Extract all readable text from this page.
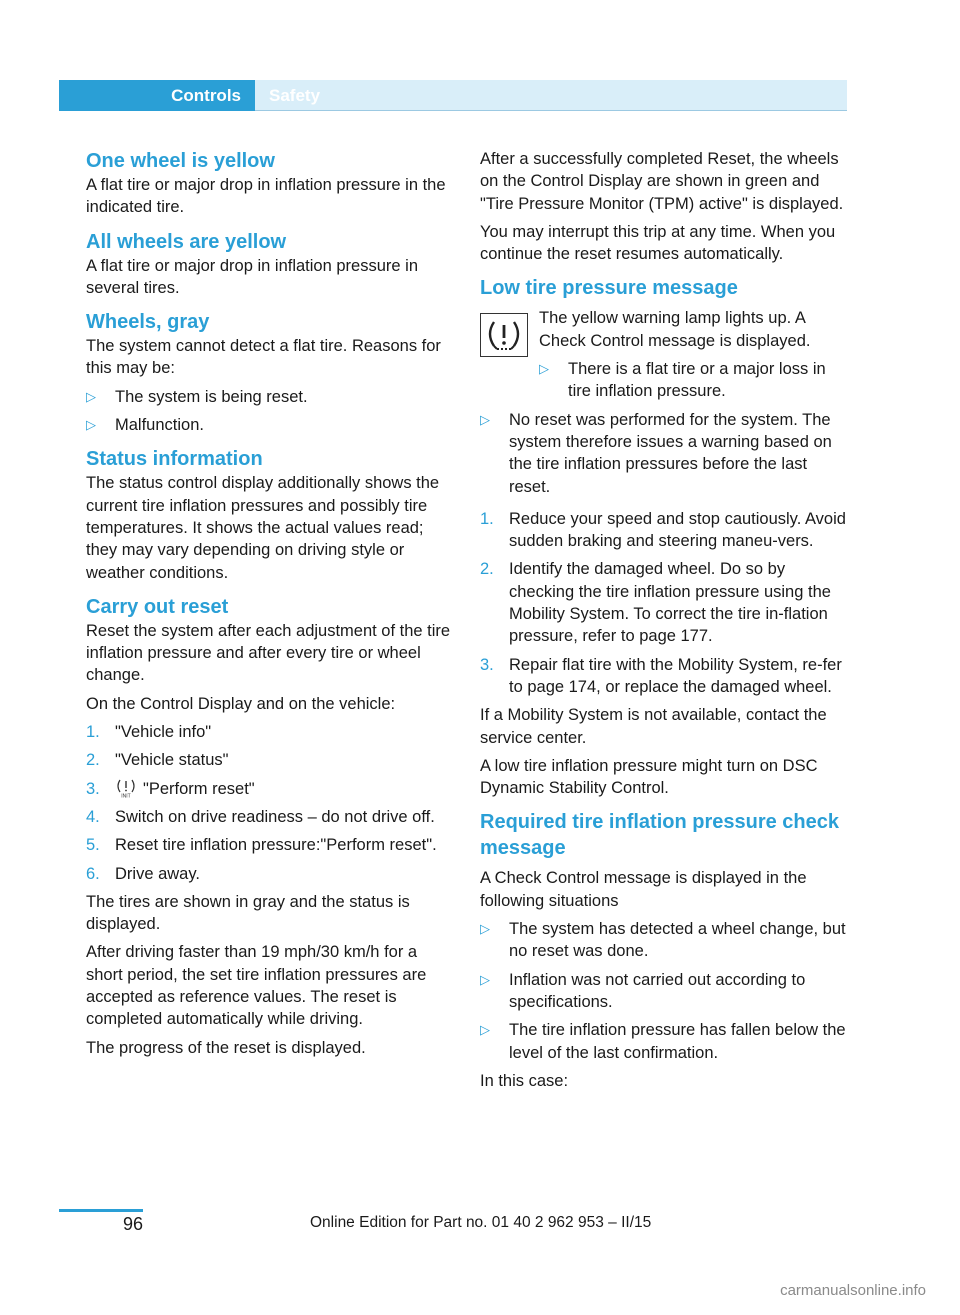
Controls Safety
One wheel is yellow

A flat tire or major drop in inflation pressure in the indicated tire.

All wheels are yellow

A flat tire or major drop in inflation pressure in several tires.

Wheels, gray

The system cannot detect a flat tire. Reasons for this may be:

▷ The system is being reset.
▷ Malfunction.
Status information

The status control display additionally shows the current tire inflation pressures and possibly tire temperatures. It shows the actual values read; they may vary depending on driving style or weather conditions.

Carry out reset

Reset the system after each adjustment of the tire inflation pressure and after every tire or wheel change.

On the Control Display and on the vehicle:

1. "Vehicle info"
2. "Vehicle status"
3.	INIT "Perform reset"
4. Switch on drive readiness – do not drive off.
5. Reset tire inflation pressure:"Perform reset".
6. Drive away.

The tires are shown in gray and the status is displayed.

After driving faster than 19 mph/30 km/h for a short period, the set tire inflation pressures are accepted as reference values. The reset is completed automatically while driving.

The progress of the reset is displayed.

After a successfully completed Reset, the wheels on the Control Display are shown in green and "Tire Pressure Monitor (TPM) active" is displayed.

You may interrupt this trip at any time. When you continue the reset resumes automatically.

Low tire pressure message

The yellow warning lamp lights up. A Check Control message is displayed.

▷ There is a flat tire or a major loss in tire inflation pressure.
▷ No reset was performed for the system. The system therefore issues a warning based on the tire inflation pressures before the last reset.
1. Reduce your speed and stop cautiously. Avoid sudden braking and steering maneu-vers.
2. Identify the damaged wheel. Do so by checking the tire inflation pressure using the Mobility System. To correct the tire in-flation pressure, refer to page 177.
3. Repair flat tire with the Mobility System, re-fer to page 174, or replace the damaged wheel.

If a Mobility System is not available, contact the service center.

A low tire inflation pressure might turn on DSC Dynamic Stability Control.

Required tire inflation pressure check message

A Check Control message is displayed in the following situations

▷ The system has detected a wheel change, but no reset was done.
▷ Inflation was not carried out according to specifications.
▷ The tire inflation pressure has fallen below the level of the last confirmation.

In this case:

96	Online Edition for Part no. 01 40 2 962 953 – II/15
carmanualsonline.info
